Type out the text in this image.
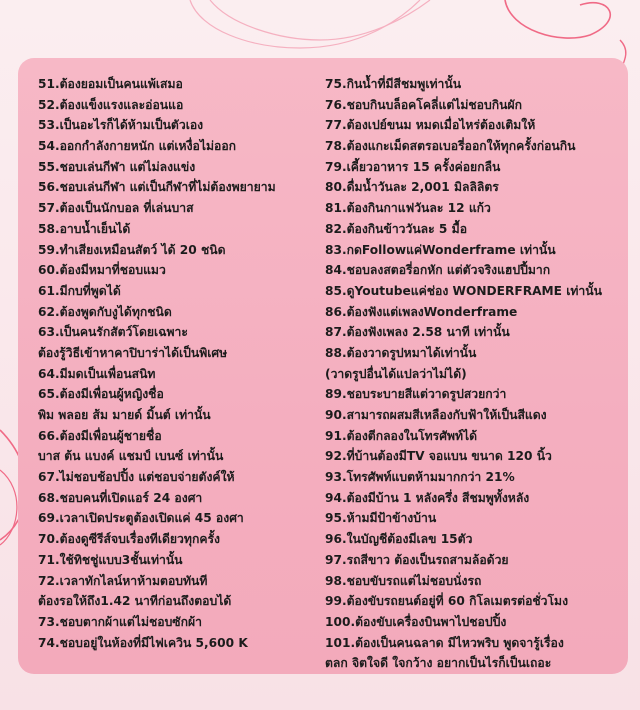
51.ต้องยอมเป็นคนแพ้เสมอ
52.ต้องแข็งแรงและอ่อนแอ
53.เป็นอะไรก็ได้ห้ามเป็นตัวเอง
54.ออกกำลังกายหนัก แต่เหงื่อไม่ออก
55.ชอบเล่นกีฬา แต่ไม่ลงแข่ง
56.ชอบเล่นกีฬา แต่เป็นกีฬาที่ไม่ต้องพยายาม
57.ต้องเป็นนักบอล ที่เล่นบาส
58.อาบน้ำเย็นได้
59.ทำเสียงเหมือนสัตว์ ได้ 20 ชนิด
60.ต้องมีหมาที่ชอบแมว
61.มีกบที่พูดได้
62.ต้องพูดกับงูได้ทุกชนิด
63.เป็นคนรักสัตว์โดยเฉพาะ
ต้องรู้วิธีเข้าหาคาปิบาร่าได้เป็นพิเศษ
64.มีมดเป็นเพื่อนสนิท
65.ต้องมีเพื่อนผู้หญิงชื่อ
พิม พลอย ส้ม มายด์ มิ้นต์ เท่านั้น
66.ต้องมีเพื่อนผู้ชายชื่อ
บาส ต้น แบงค์ แชมป์ เบนซ์ เท่านั้น
67.ไม่ชอบช้อปปิ้ง แต่ชอบจ่ายตังค์ให้
68.ชอบคนที่เปิดแอร์ 24 องศา
69.เวลาเปิดประตูต้องเปิดแค่ 45 องศา
70.ต้องดูซีรีส์จบเรื่องทีเดียวทุกครั้ง
71.ใช้ทิชชู่แบบ3ชั้นเท่านั้น
72.เวลาทักไลน์หาห้ามตอบทันที
ต้องรอให้ถึง1.42 นาทีก่อนถึงตอบได้
73.ชอบตากผ้าแต่ไม่ชอบซักผ้า
74.ชอบอยู่ในห้องที่มีไฟเควิน 5,600 K
75.กินน้ำที่มีสีชมพูเท่านั้น
76.ชอบกินบล็อคโคลี่แต่ไม่ชอบกินผัก
77.ต้องเปย์ขนม หมดเมื่อไหร่ต้องเติมให้
78.ต้องแกะเม็ดสตรอเบอรี่ออกให้ทุกครั้งก่อนกิน
79.เคี้ยวอาหาร 15 ครั้งค่อยกลืน
80.ดื่มน้ำวันละ 2,001 มิลลิลิตร
81.ต้องกินกาแฟวันละ 12 แก้ว
82.ต้องกินข้าววันละ 5 มื้อ
83.กดFollowแค่Wonderframe เท่านั้น
84.ชอบลงสตอรี่อกหัก แต่ตัวจริงแฮปปี้มาก
85.ดูYoutubeแค่ช่อง WONDERFRAME เท่านั้น
86.ต้องฟังแต่เพลงWonderframe
87.ต้องฟังเพลง 2.58 นาที เท่านั้น
88.ต้องวาดรูปหมาได้เท่านั้น
(วาดรูปอื่นได้แปลว่าไม่ได้)
89.ชอบระบายสีแต่วาดรูปสวยกว่า
90.สามารถผสมสีเหลืองกับฟ้าให้เป็นสีแดง
91.ต้องตีกลองในโทรศัพท์ได้
92.ที่บ้านต้องมีTV จอแบน ขนาด 120 นิ้ว
93.โทรศัพท์แบตห้ามมากกว่า 21%
94.ต้องมีบ้าน 1 หลังครึ่ง สีชมพูทั้งหลัง
95.ห้ามมีป้าข้างบ้าน
96.ในบัญชีต้องมีเลข 15ตัว
97.รถสีขาว ต้องเป็นรถสามล้อด้วย
98.ชอบขับรถแต่ไม่ชอบนั่งรถ
99.ต้องขับรถยนต์อยู่ที่ 60 กิโลเมตรต่อชั่วโมง
100.ต้องขับเครื่องบินพาไปชอปปิ้ง
101.ต้องเป็นคนฉลาด มีไหวพริบ พูดจารู้เรื่อง
ตลก จิตใจดี ใจกว้าง อยากเป็นไรก็เป็นเถอะ
